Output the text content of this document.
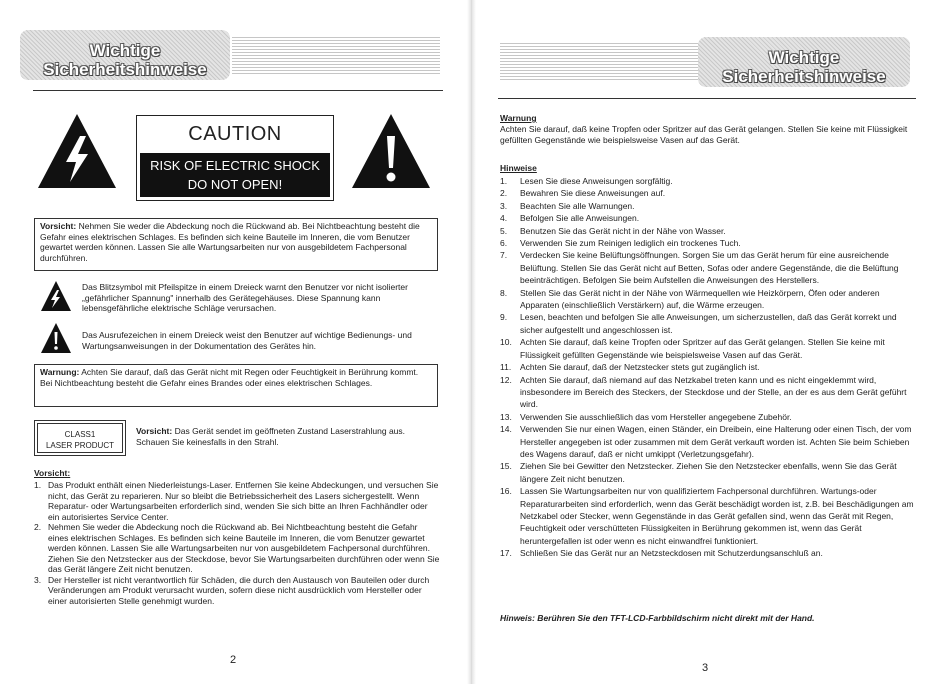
Wichtige Sicherheitshinweise
CAUTION
RISK OF ELECTRIC SHOCK
DO NOT OPEN!
Vorsicht: Nehmen Sie weder die Abdeckung noch die Rückwand ab. Bei Nichtbeachtung besteht die Gefahr eines elektrischen Schlages. Es befinden sich keine Bauteile im Inneren, die vom Benutzer gewartet werden können. Lassen Sie alle Wartungsarbeiten nur von ausgebildetem Fachpersonal durchführen.
Das Blitzsymbol mit Pfeilspitze in einem Dreieck warnt den Benutzer vor nicht isolierter „gefährlicher Spannung" innerhalb des Gerätegehäuses. Diese Spannung kann lebensgefährliche elektrische Schläge verursachen.
Das Ausrufezeichen in einem Dreieck weist den Benutzer auf wichtige Bedienungs- und Wartungsanweisungen in der Dokumentation des Gerätes hin.
Warnung: Achten Sie darauf, daß das Gerät nicht mit Regen oder Feuchtigkeit in Berührung kommt. Bei Nichtbeachtung besteht die Gefahr eines Brandes oder eines elektrischen Schlages.
CLASS1
LASER PRODUCT
Vorsicht: Das Gerät sendet im geöffneten Zustand Laserstrahlung aus. Schauen Sie keinesfalls in den Strahl.
Vorsicht:
1. Das Produkt enthält einen Niederleistungs-Laser. Entfernen Sie keine Abdeckungen, und versuchen Sie nicht, das Gerät zu reparieren. Nur so bleibt die Betriebssicherheit des Lasers sichergestellt. Wenn Reparatur- oder Wartungsarbeiten erforderlich sind, wenden Sie sich bitte an Ihren Fachhändler oder ein autorisiertes Service Center.
2. Nehmen Sie weder die Abdeckung noch die Rückwand ab. Bei Nichtbeachtung besteht die Gefahr eines elektrischen Schlages. Es befinden sich keine Bauteile im Inneren, die vom Benutzer gewartet werden können. Lassen Sie alle Wartungsarbeiten nur von ausgebildetem Fachpersonal durchführen. Ziehen Sie den Netzstecker aus der Steckdose, bevor Sie Wartungsarbeiten durchführen oder wenn Sie das Gerät längere Zeit nicht benutzen.
3. Der Hersteller ist nicht verantwortlich für Schäden, die durch den Austausch von Bauteilen oder durch Veränderungen am Produkt verursacht wurden, sofern diese nicht ausdrücklich vom Hersteller oder einer autorisierten Stelle genehmigt wurden.
2
Wichtige Sicherheitshinweise
Warnung
Achten Sie darauf, daß keine Tropfen oder Spritzer auf das Gerät gelangen. Stellen Sie keine mit Flüssigkeit gefüllten Gegenstände wie beispielsweise Vasen auf das Gerät.
Hinweise
1. Lesen Sie diese Anweisungen sorgfältig.
2. Bewahren Sie diese Anweisungen auf.
3. Beachten Sie alle Warnungen.
4. Befolgen Sie alle Anweisungen.
5. Benutzen Sie das Gerät nicht in der Nähe von Wasser.
6. Verwenden Sie zum Reinigen lediglich ein trockenes Tuch.
7. Verdecken Sie keine Belüftungsöffnungen. Sorgen Sie um das Gerät herum für eine ausreichende Belüftung. Stellen Sie das Gerät nicht auf Betten, Sofas oder andere Gegenstände, die die Belüftung beeinträchtigen. Befolgen Sie beim Aufstellen die Anweisungen des Herstellers.
8. Stellen Sie das Gerät nicht in der Nähe von Wärmequellen wie Heizkörpern, Öfen oder anderen Apparaten (einschließlich Verstärkern) auf, die Wärme erzeugen.
9. Lesen, beachten und befolgen Sie alle Anweisungen, um sicherzustellen, daß das Gerät korrekt und sicher aufgestellt und angeschlossen ist.
10. Achten Sie darauf, daß keine Tropfen oder Spritzer auf das Gerät gelangen. Stellen Sie keine mit Flüssigkeit gefüllten Gegenstände wie beispielsweise Vasen auf das Gerät.
11. Achten Sie darauf, daß der Netzstecker stets gut zugänglich ist.
12. Achten Sie darauf, daß niemand auf das Netzkabel treten kann und es nicht eingeklemmt wird, insbesondere im Bereich des Steckers, der Steckdose und der Stelle, an der es aus dem Gerät geführt wird.
13. Verwenden Sie ausschließlich das vom Hersteller angegebene Zubehör.
14. Verwenden Sie nur einen Wagen, einen Ständer, ein Dreibein, eine Halterung oder einen Tisch, der vom Hersteller angegeben ist oder zusammen mit dem Gerät verkauft worden ist. Achten Sie beim Schieben des Wagens darauf, daß er nicht umkippt (Verletzungsgefahr).
15. Ziehen Sie bei Gewitter den Netzstecker. Ziehen Sie den Netzstecker ebenfalls, wenn Sie das Gerät längere Zeit nicht benutzen.
16. Lassen Sie Wartungsarbeiten nur von qualifiziertem Fachpersonal durchführen. Wartungs-oder Reparaturarbeiten sind erforderlich, wenn das Gerät beschädigt worden ist, z.B. bei Beschädigungen am Netzkabel oder Stecker, wenn Gegenstände in das Gerät gefallen sind, wenn das Gerät mit Regen, Feuchtigkeit oder verschütteten Flüssigkeiten in Berührung gekommen ist, wenn das Gerät heruntergefallen ist oder wenn es nicht einwandfrei funktioniert.
17. Schließen Sie das Gerät nur an Netzsteckdosen mit Schutzerdungsanschluß an.
Hinweis: Berühren Sie den TFT-LCD-Farbbildschirm nicht direkt mit der Hand.
3
